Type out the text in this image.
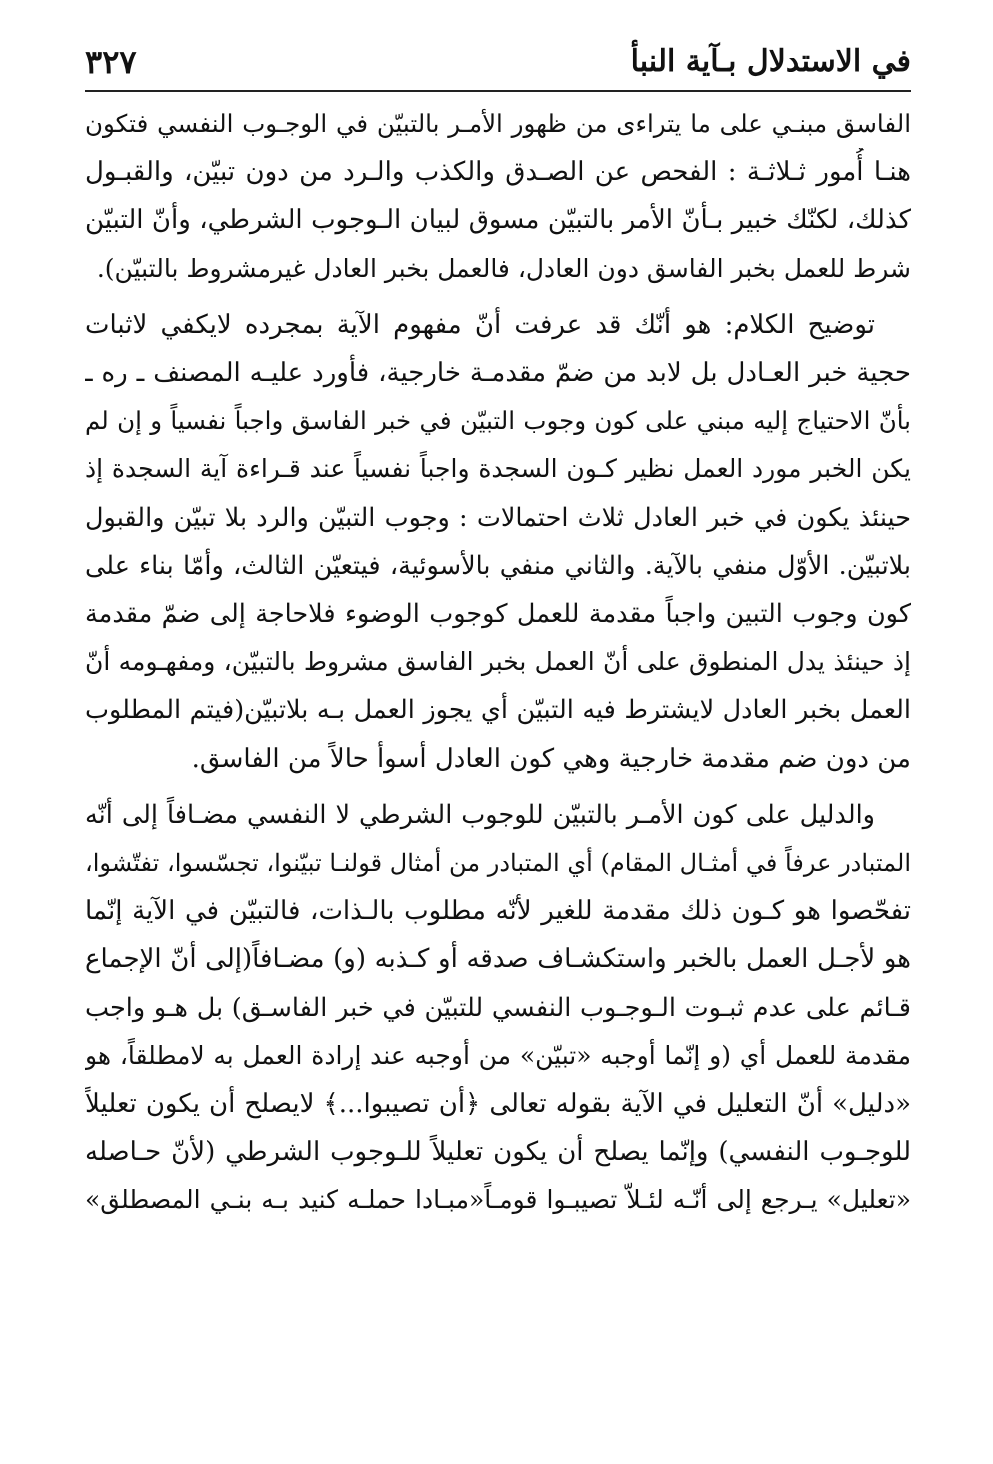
في الاستدلال بـآية النبأ
٣٢٧
الفاسق مبنـي على ما يتراءى من ظهور الأمـر بالتبيّن في الوجـوب النفسي فتكون
هنـا أُمور ثـلاثـة : الفحص عن الصـدق والكذب والـرد من دون تبيّن، والقبـول
كذلك، لكنّك خبير بـأنّ الأمر بالتبيّن مسوق لبيان الـوجوب الشرطي، وأنّ التبيّن
شرط للعمل بخبر الفاسق دون العادل، فالعمل بخبر العادل غيرمشروط بالتبيّن).
توضيح الكلام: هو أنّك قد عرفت أنّ مفهوم الآية بمجرده لايكفي لاثبات
حجية خبر العـادل بل لابد من ضمّ مقدمـة خارجية، فأورد عليـه المصنف ـ ره ـ
بأنّ الاحتياج إليه مبني على كون وجوب التبيّن في خبر الفاسق واجباً نفسياً و إن لم
يكن الخبر مورد العمل نظير كـون السجدة واجباً نفسياً عند قـراءة آية السجدة إذ
حينئذ يكون في خبر العادل ثلاث احتمالات : وجوب التبيّن والرد بلا تبيّن والقبول
بلاتبيّن. الأوّل منفي بالآية. والثاني منفي بالأسوئية، فيتعيّن الثالث، وأمّا بناء على
كون وجوب التبين واجباً مقدمة للعمل كوجوب الوضوء فلاحاجة إلى ضمّ مقدمة
إذ حينئذ يدل المنطوق على أنّ العمل بخبر الفاسق مشروط بالتبيّن، ومفهـومه أنّ
العمل بخبر العادل لايشترط فيه التبيّن أي يجوز العمل بـه بلاتبيّن(فيتم المطلوب
من دون ضم مقدمة خارجية وهي كون العادل أسوأ حالاً من الفاسق.
والدليل على كون الأمـر بالتبيّن للوجوب الشرطي لا النفسي مضـافاً إلى أنّه
المتبادر عرفاً في أمثـال المقام) أي المتبادر من أمثال قولنـا تبيّنوا، تجسّسوا، تفتّشوا،
تفحّصوا هو كـون ذلك مقدمة للغير لأنّه مطلوب بالـذات، فالتبيّن في الآية إنّما
هو لأجـل العمل بالخبر واستكشـاف صدقه أو كـذبه (و) مضـافاً(إلى أنّ الإجماع
قـائم على عدم ثبـوت الـوجـوب النفسي للتبيّن في خبر الفاسـق) بل هـو واجب
مقدمة للعمل أي (و إنّما أوجبه «تبيّن» من أوجبه عند إرادة العمل به لامطلقاً، هو
«دليل» أنّ التعليل في الآية بقوله تعالى ﴿أن تصيبوا...﴾ لايصلح أن يكون تعليلاً
للوجـوب النفسي) وإنّما يصلح أن يكون تعليلاً للـوجوب الشرطي (لأنّ حـاصله
«تعليل» يـرجع إلى أنّـه لئـلاّ تصيبـوا قومـاً«مبـادا حملـه كنيد بـه بنـي المصطلق»
